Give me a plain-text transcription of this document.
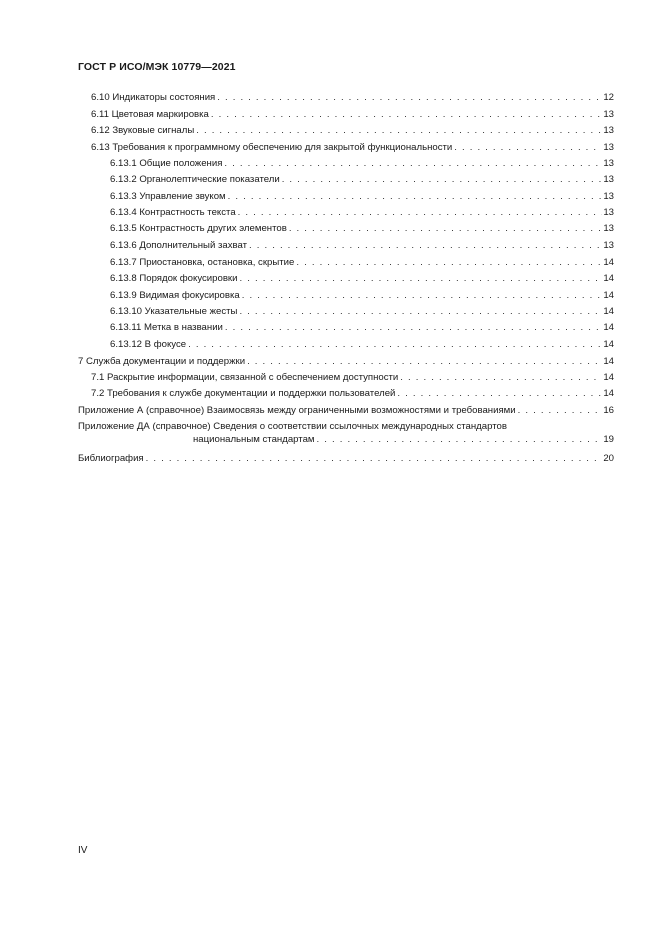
ГОСТ Р ИСО/МЭК 10779—2021
6.10 Индикаторы состояния . . .	12
6.11 Цветовая маркировка . . .	13
6.12 Звуковые сигналы . . .	13
6.13 Требования к программному обеспечению для закрытой функциональности . . .	13
6.13.1 Общие положения . . .	13
6.13.2 Органолептические показатели . . .	13
6.13.3 Управление звуком . . .	13
6.13.4 Контрастность текста . . .	13
6.13.5 Контрастность других элементов . . .	13
6.13.6 Дополнительный захват . . .	13
6.13.7 Приостановка, остановка, скрытие . . .	14
6.13.8 Порядок фокусировки . . .	14
6.13.9 Видимая фокусировка . . .	14
6.13.10 Указательные жесты . . .	14
6.13.11 Метка в названии . . .	14
6.13.12 В фокусе . . .	14
7 Служба документации и поддержки . . .	14
7.1 Раскрытие информации, связанной с обеспечением доступности . . .	14
7.2 Требования к службе документации и поддержки пользователей . . .	14
Приложение А (справочное) Взаимосвязь между ограниченными возможностями и требованиями . . .	16
Приложение ДА (справочное) Сведения о соответствии ссылочных международных стандартов
национальным стандартам . . .	19
Библиография . . .	20
IV
